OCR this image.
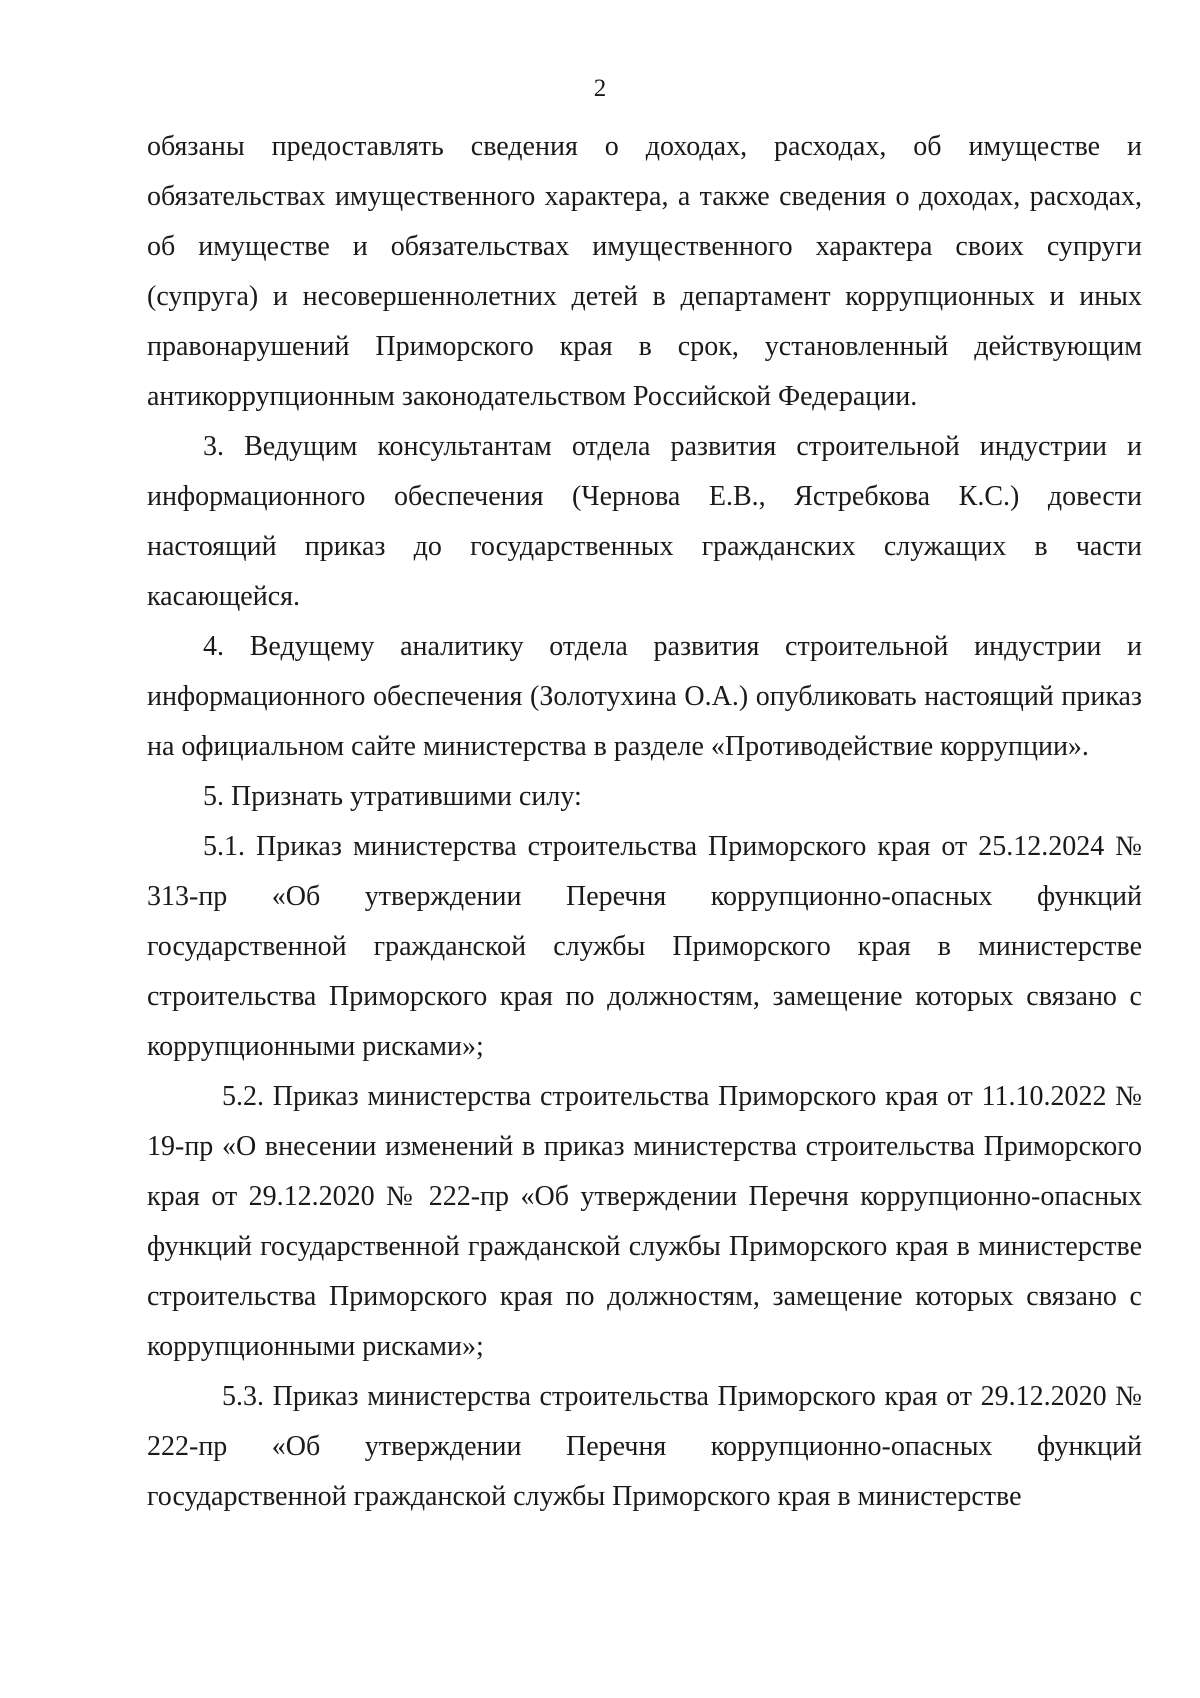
2

обязаны предоставлять сведения о доходах, расходах, об имуществе и обязательствах имущественного характера, а также сведения о доходах, расходах, об имуществе и обязательствах имущественного характера своих супруги (супруга) и несовершеннолетних детей в департамент коррупционных и иных правонарушений Приморского края в срок, установленный действующим антикоррупционным законодательством Российской Федерации.

3. Ведущим консультантам отдела развития строительной индустрии и информационного обеспечения (Чернова Е.В., Ястребкова К.С.) довести настоящий приказ до государственных гражданских служащих в части касающейся.

4. Ведущему аналитику отдела развития строительной индустрии и информационного обеспечения (Золотухина О.А.) опубликовать настоящий приказ на официальном сайте министерства в разделе «Противодействие коррупции».

5. Признать утратившими силу:

5.1. Приказ министерства строительства Приморского края от 25.12.2024 № 313-пр «Об утверждении Перечня коррупционно-опасных функций государственной гражданской службы Приморского края в министерстве строительства Приморского края по должностям, замещение которых связано с коррупционными рисками»;

5.2. Приказ министерства строительства Приморского края от 11.10.2022 № 19-пр «О внесении изменений в приказ министерства строительства Приморского края от 29.12.2020 № 222-пр «Об утверждении Перечня коррупционно-опасных функций государственной гражданской службы Приморского края в министерстве строительства Приморского края по должностям, замещение которых связано с коррупционными рисками»;

5.3. Приказ министерства строительства Приморского края от 29.12.2020 № 222-пр «Об утверждении Перечня коррупционно-опасных функций государственной гражданской службы Приморского края в министерстве
